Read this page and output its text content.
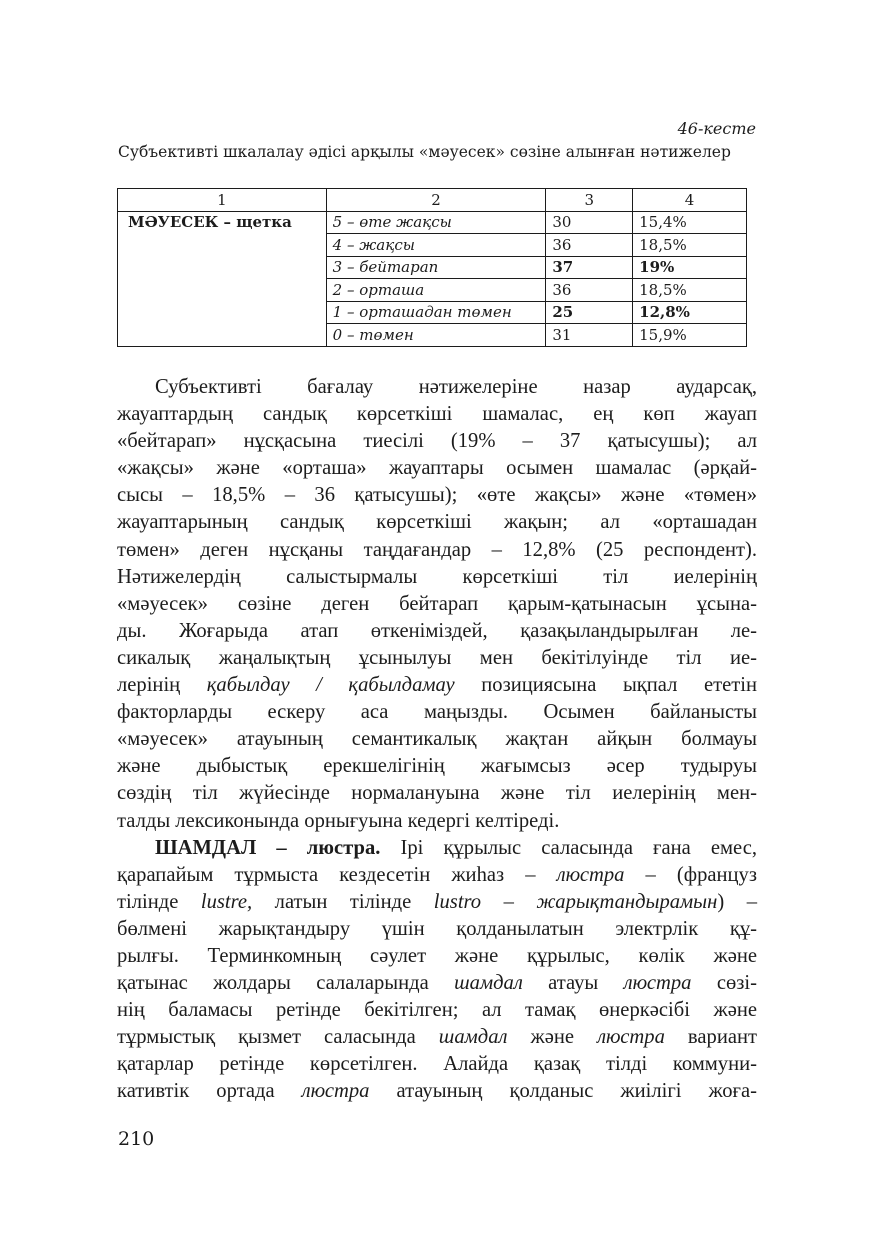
46-кесте
Субъективті шкалалау әдісі арқылы «мәуесек» сөзіне алынған нәтижелер
1	2	3	4
МӘУЕСЕК – щетка	5 – өте жақсы	30	15,4%
	4 – жақсы	36	18,5%
	3 – бейтарап	37	19%
	2 – орташа	36	18,5%
	1 – орташадан төмен	25	12,8%
	0 – төмен	31	15,9%
Субъективті бағалау нәтижелеріне назар аударсақ,
жауаптардың сандық көрсеткіші шамалас, ең көп жауап
«бейтарап» нұсқасына тиесілі (19% – 37 қатысушы); ал
«жақсы» және «орташа» жауаптары осымен шамалас (әрқай-
сысы – 18,5% – 36 қатысушы); «өте жақсы» және «төмен»
жауаптарының сандық көрсеткіші жақын; ал «орташадан
төмен» деген нұсқаны таңдағандар – 12,8% (25 респондент).
Нәтижелердің салыстырмалы көрсеткіші тіл иелерінің
«мәуесек» сөзіне деген бейтарап қарым-қатынасын ұсына-
ды. Жоғарыда атап өткеніміздей, қазақыландырылған ле-
сикалық жаңалықтың ұсынылуы мен бекітілуінде тіл ие-
лерінің қабылдау / қабылдамау позициясына ықпал ететін
факторларды ескеру аса маңызды. Осымен байланысты
«мәуесек» атауының семантикалық жақтан айқын болмауы
және дыбыстық ерекшелігінің жағымсыз әсер тудыруы
сөздің тіл жүйесінде нормалануына және тіл иелерінің мен-
талды лексиконында орнығуына кедергі келтіреді.
ШАМДАЛ – люстра. Ірі құрылыс саласында ғана емес,
қарапайым тұрмыста кездесетін жиһаз – люстра – (француз
тілінде lustre, латын тілінде lustro – жарықтандырамын) –
бөлмені жарықтандыру үшін қолданылатын электрлік құ-
рылғы. Терминкомның сәулет және құрылыс, көлік және
қатынас жолдары салаларында шамдал атауы люстра сөзі-
нің баламасы ретінде бекітілген; ал тамақ өнеркәсібі және
тұрмыстық қызмет саласында шамдал және люстра вариант
қатарлар ретінде көрсетілген. Алайда қазақ тілді коммуни-
кативтік ортада люстра атауының қолданыс жиілігі жоға-
210
